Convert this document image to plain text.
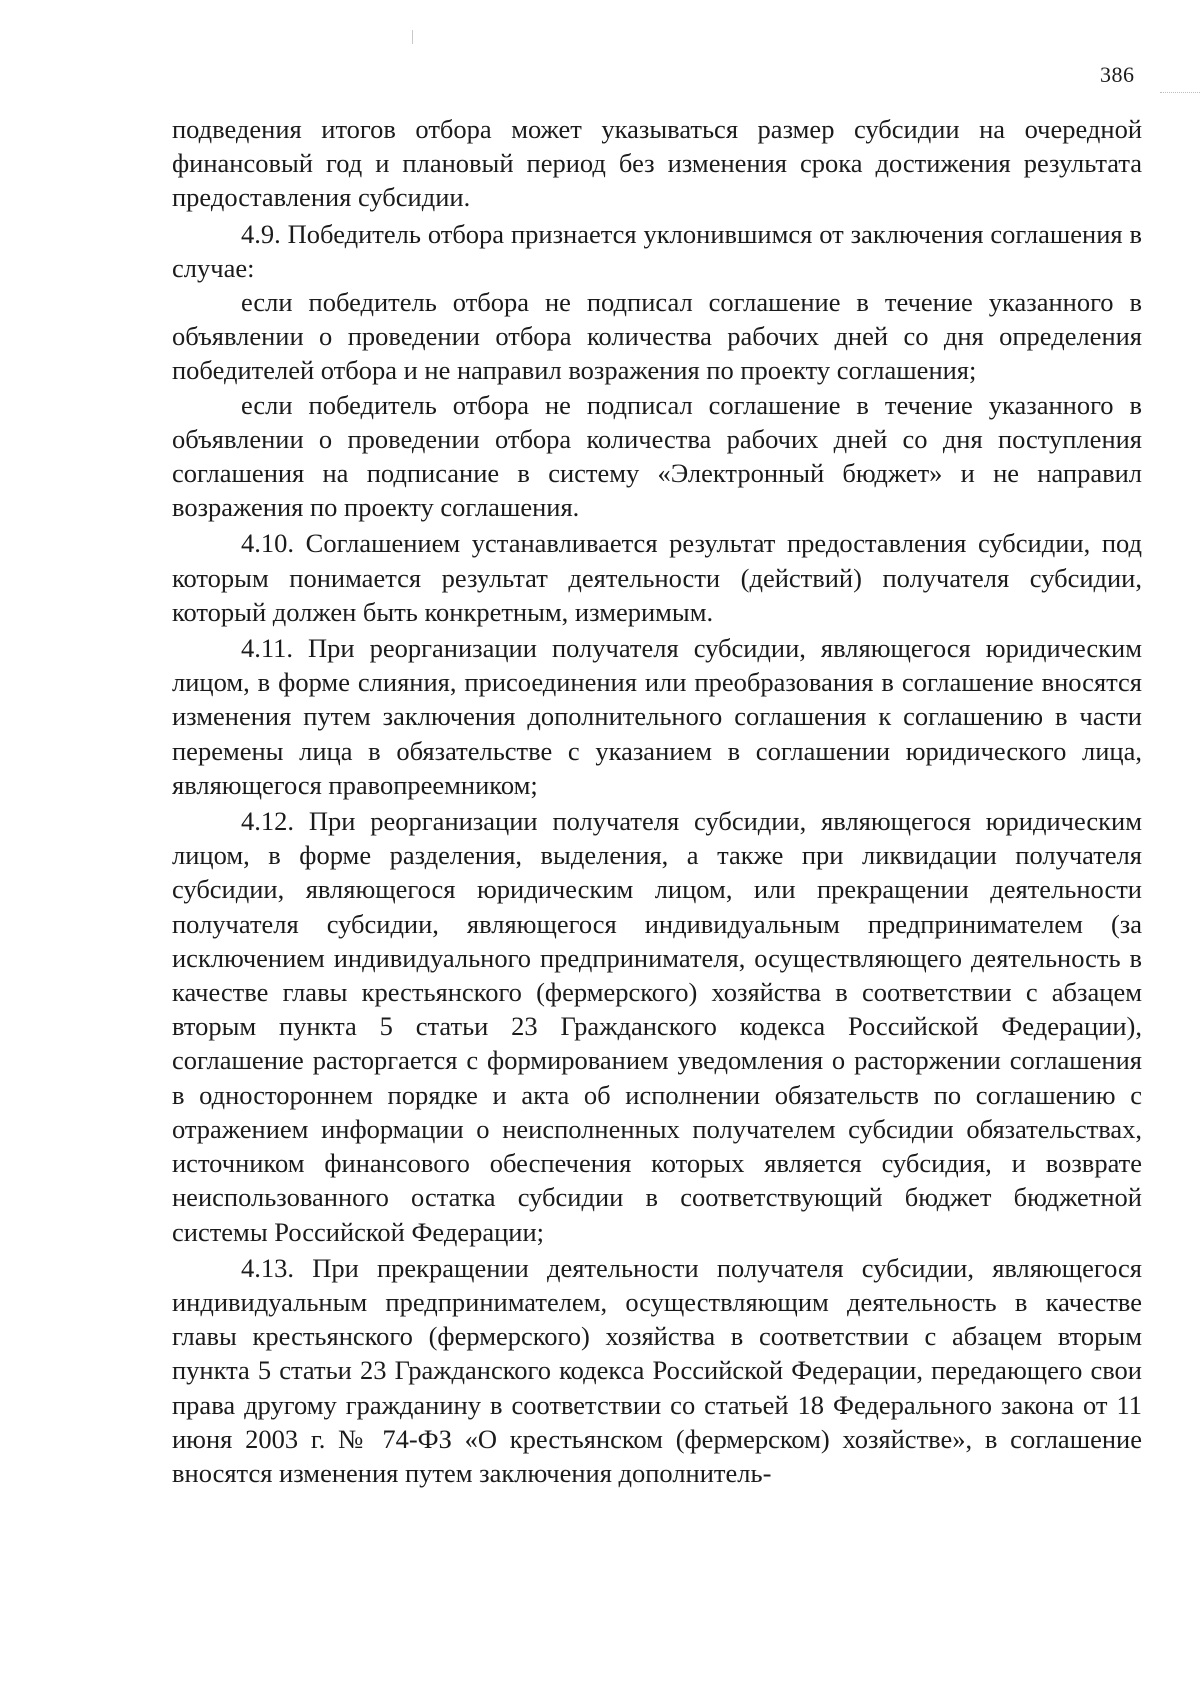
386

подведения итогов отбора может указываться размер субсидии на очередной финансовый год и плановый период без изменения срока достижения результата предоставления субсидии.

4.9. Победитель отбора признается уклонившимся от заключения соглашения в случае:

если победитель отбора не подписал соглашение в течение указанного в объявлении о проведении отбора количества рабочих дней со дня определения победителей отбора и не направил возражения по проекту соглашения;

если победитель отбора не подписал соглашение в течение указанного в объявлении о проведении отбора количества рабочих дней со дня поступления соглашения на подписание в систему «Электронный бюджет» и не направил возражения по проекту соглашения.

4.10. Соглашением устанавливается результат предоставления субсидии, под которым понимается результат деятельности (действий) получателя субсидии, который должен быть конкретным, измеримым.

4.11. При реорганизации получателя субсидии, являющегося юридическим лицом, в форме слияния, присоединения или преобразования в соглашение вносятся изменения путем заключения дополнительного соглашения к соглашению в части перемены лица в обязательстве с указанием в соглашении юридического лица, являющегося правопреемником;

4.12. При реорганизации получателя субсидии, являющегося юридическим лицом, в форме разделения, выделения, а также при ликвидации получателя субсидии, являющегося юридическим лицом, или прекращении деятельности получателя субсидии, являющегося индивидуальным предпринимателем (за исключением индивидуального предпринимателя, осуществляющего деятельность в качестве главы крестьянского (фермерского) хозяйства в соответствии с абзацем вторым пункта 5 статьи 23 Гражданского кодекса Российской Федерации), соглашение расторгается с формированием уведомления о расторжении соглашения в одностороннем порядке и акта об исполнении обязательств по соглашению с отражением информации о неисполненных получателем субсидии обязательствах, источником финансового обеспечения которых является субсидия, и возврате неиспользованного остатка субсидии в соответствующий бюджет бюджетной системы Российской Федерации;

4.13. При прекращении деятельности получателя субсидии, являющегося индивидуальным предпринимателем, осуществляющим деятельность в качестве главы крестьянского (фермерского) хозяйства в соответствии с абзацем вторым пункта 5 статьи 23 Гражданского кодекса Российской Федерации, передающего свои права другому гражданину в соответствии со статьей 18 Федерального закона от 11 июня 2003 г. № 74-ФЗ «О крестьянском (фермерском) хозяйстве», в соглашение вносятся изменения путем заключения дополнитель-
